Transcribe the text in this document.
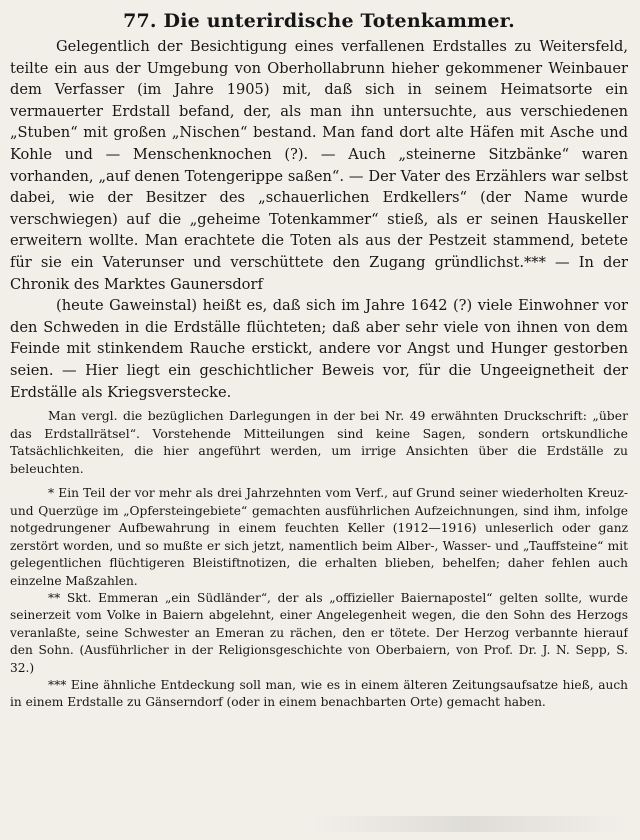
77. Die unterirdische Totenkammer.

Gelegentlich der Besichtigung eines verfallenen Erdstalles zu Weitersfeld, teilte ein aus der Umgebung von Oberhollabrunn hieher gekommener Weinbauer dem Verfasser (im Jahre 1905) mit, daß sich in seinem Heimatsorte ein vermauerter Erdstall befand, der, als man ihn untersuchte, aus verschiedenen „Stuben“ mit großen „Nischen“ bestand. Man fand dort alte Häfen mit Asche und Kohle und — Menschenknochen (?). — Auch „steinerne Sitzbänke“ waren vorhanden, „auf denen Totengerippe saßen“. — Der Vater des Erzählers war selbst dabei, wie der Besitzer des „schauerlichen Erdkellers“ (der Name wurde verschwiegen) auf die „geheime Totenkammer“ stieß, als er seinen Hauskeller erweitern wollte. Man erachtete die Toten als aus der Pestzeit stammend, betete für sie ein Vaterunser und verschüttete den Zugang gründlichst.*** — In der Chronik des Marktes Gaunersdorf

(heute Gaweinstal) heißt es, daß sich im Jahre 1642 (?) viele Einwohner vor den Schweden in die Erdställe flüchteten; daß aber sehr viele von ihnen von dem Feinde mit stinkendem Rauche erstickt, andere vor Angst und Hunger gestorben seien. — Hier liegt ein geschichtlicher Beweis vor, für die Ungeeignetheit der Erdställe als Kriegsverstecke.

Man vergl. die bezüglichen Darlegungen in der bei Nr. 49 erwähnten Druckschrift: „über das Erdstallrätsel“. Vorstehende Mitteilungen sind keine Sagen, sondern ortskundliche Tatsächlichkeiten, die hier angeführt werden, um irrige Ansichten über die Erdställe zu beleuchten.

* Ein Teil der vor mehr als drei Jahrzehnten vom Verf., auf Grund seiner wiederholten Kreuz- und Querzüge im „Opfersteingebiete“ gemachten ausführlichen Aufzeichnungen, sind ihm, infolge notgedrungener Aufbewahrung in einem feuchten Keller (1912—1916) unleserlich oder ganz zerstört worden, und so mußte er sich jetzt, namentlich beim Alber-, Wasser- und „Tauffsteine“ mit gelegentlichen flüchtigeren Bleistiftnotizen, die erhalten blieben, behelfen; daher fehlen auch einzelne Maßzahlen.

** Skt. Emmeran „ein Südländer“, der als „offizieller Baiernapostel“ gelten sollte, wurde seinerzeit vom Volke in Baiern abgelehnt, einer Angelegenheit wegen, die den Sohn des Herzogs veranlaßte, seine Schwester an Emeran zu rächen, den er tötete. Der Herzog verbannte hierauf den Sohn. (Ausführlicher in der Religionsgeschichte von Oberbaiern, von Prof. Dr. J. N. Sepp, S. 32.)

*** Eine ähnliche Entdeckung soll man, wie es in einem älteren Zeitungsaufsatze hieß, auch in einem Erdstalle zu Gänserndorf (oder in einem benachbarten Orte) gemacht haben.
